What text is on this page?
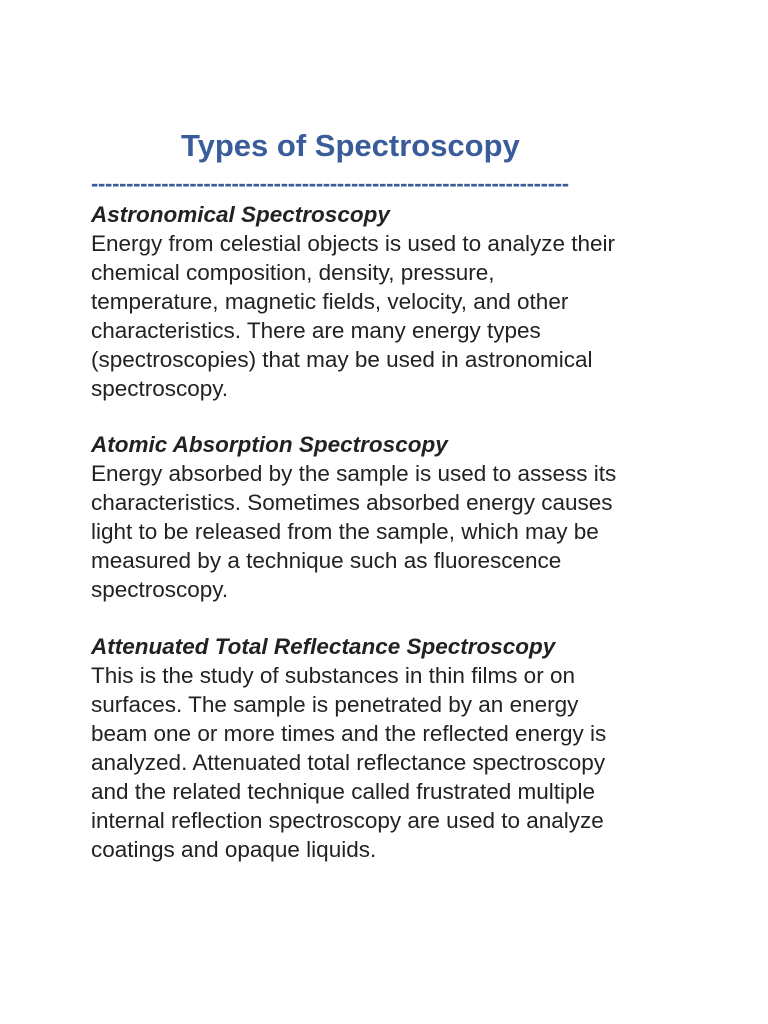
Types of Spectroscopy
--------------------------------------------------------------------
Astronomical Spectroscopy

Energy from celestial objects is used to analyze their
chemical composition, density, pressure,
temperature, magnetic fields, velocity, and other
characteristics. There are many energy types
(spectroscopies) that may be used in astronomical
spectroscopy.

Atomic Absorption Spectroscopy

Energy absorbed by the sample is used to assess its
characteristics. Sometimes absorbed energy causes
light to be released from the sample, which may be
measured by a technique such as fluorescence
spectroscopy.

Attenuated Total Reflectance Spectroscopy

This is the study of substances in thin films or on
surfaces. The sample is penetrated by an energy
beam one or more times and the reflected energy is
analyzed. Attenuated total reflectance spectroscopy
and the related technique called frustrated multiple
internal reflection spectroscopy are used to analyze
coatings and opaque liquids.
